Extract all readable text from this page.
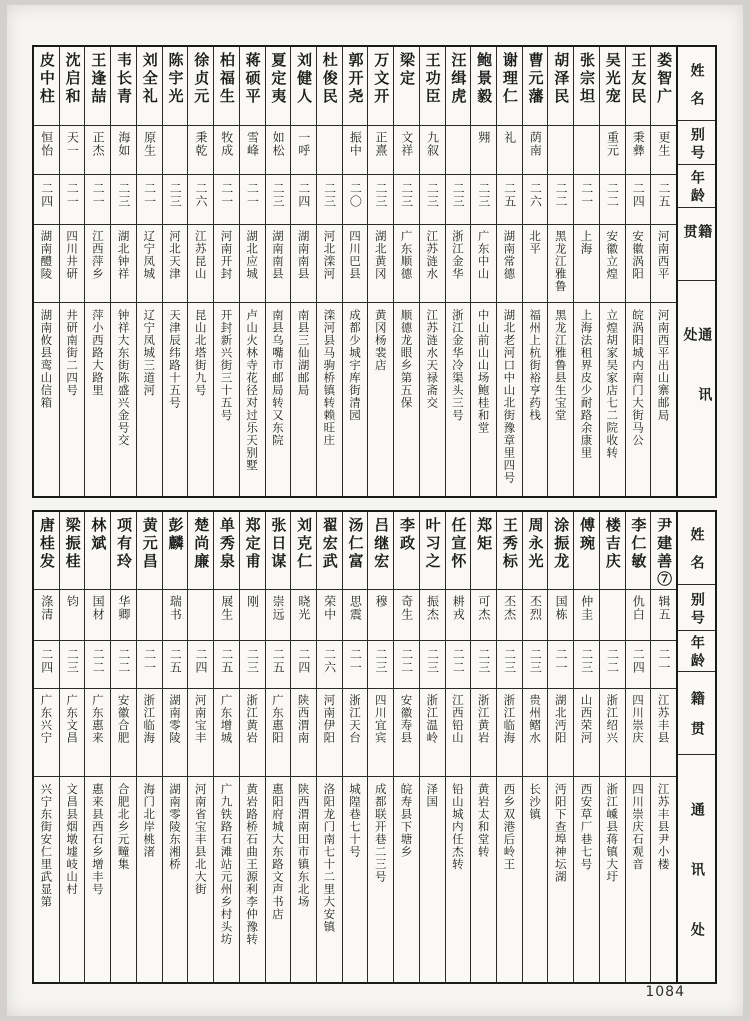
姓名
别号
年龄
籍贯
通讯处
娄智广
更生
二五
河南西平
河南西平出山寨邮局
王友民
秉彝
二四
安徽涡阳
皖涡阳城内南门大街马公
吴光宠
重元
二二
安徽立煌
立煌胡家吴家店七二院收转
张宗坦
二一
上海
上海法租界皮少耐路余康里
胡泽民
二二
黑龙江雅鲁
黑龙江雅鲁县生宝堂
曹元藩
荫南
二六
北平
福州上杭街裕亨药栈
谢理仁
礼
二五
湖南常德
湖北老河口中山北街豫章里四号
鲍景毅
翙
二三
广东中山
中山前山山场鲍桂和堂
汪缉虎
二三
浙江金华
浙江金华冷渠头三号
王功臣
九叙
二三
江苏涟水
江苏涟水天禄斋交
梁定
文祥
二三
广东顺德
顺德龙眼乡第五保
万文开
正熹
二三
湖北黄冈
黄冈杨裴店
郭开尧
振中
二〇
四川巴县
成都少城宇库街清园
杜俊民
二三
河北滦河
滦河县马驹桥镇转赖旺庄
刘健人
一呼
二四
湖南南县
南县三仙湖邮局
夏定夷
如松
二三
湖南南县
南县乌嘴市邮局转又东院
蒋硕平
雪峰
二一
湖北应城
卢山火林寺花径对过乐天别墅
柏福生
牧成
二一
河南开封
开封新兴街三十五号
徐贞元
秉乾
二六
江苏昆山
昆山北塔街九号
陈宇光
二三
河北天津
天津辰纬路十五号
刘全礼
原生
二一
辽宁凤城
辽宁凤城三道河
韦长青
海如
二三
湖北钟祥
钟祥大东街陈盛兴金号交
王逢喆
正杰
二一
江西萍乡
萍小西路大路里
沈启和
天一
二一
四川井研
井研南街二四号
皮中柱
恒怡
二四
湖南醴陵
湖南攸县鸾山信箱
姓名
别号
年龄
籍贯
通讯处
尹建善⑦
辑五
二一
江苏丰县
江苏丰县尹小楼
李仁敏
仇白
二四
四川崇庆
四川崇庆石观音
楼吉庆
二二
浙江绍兴
浙江嵊县蒋镇大圩
傅琬
仲圭
二三
山西荣河
西安草厂巷七号
涂振龙
国栋
二一
湖北沔阳
沔阳下查埠神坛湖
周永光
丕烈
二三
贵州鳛水
长沙镇
王秀标
丕杰
二三
浙江临海
西乡双港后岭王
郑矩
可杰
二三
浙江黄岩
黄岩太和堂转
任宣怀
耕戎
二二
江西铅山
铅山城内任杰转
叶习之
振杰
二三
浙江温岭
泽国
李政
奇生
二二
安徽寿县
皖寿县下塘乡
吕继宏
穆
二三
四川宜宾
成都联开巷二三号
汤仁富
思震
二一
浙江天台
城隍巷七十号
翟宏武
荣中
二六
河南伊阳
洛阳龙门南七十二里大安镇
刘克仁
晓光
二四
陕西渭南
陕西渭南田市镇东北场
张日谋
崇远
二五
广东惠阳
惠阳府城大东路文声书店
郑定甫
刚
二三
浙江黄岩
黄岩路桥石曲王源利李仲豫转
单秀泉
展生
二五
广东增城
广九铁路石滩站元州乡村头坊
楚尚廉
二四
河南宝丰
河南省宝丰县北大街
彭麟
瑞书
二五
湖南零陵
湖南零陵东湘桥
黄元昌
二一
浙江临海
海门北岸桃渚
项有玲
华卿
二二
安徽合肥
合肥北乡元疃集
林斌
国材
二二
广东惠来
惠来县西石乡增丰号
梁振桂
钧
二三
广东文昌
文昌县烟墩墟岐山村
唐桂发
涤清
二四
广东兴宁
兴宁东街安仁里武显第
1084
